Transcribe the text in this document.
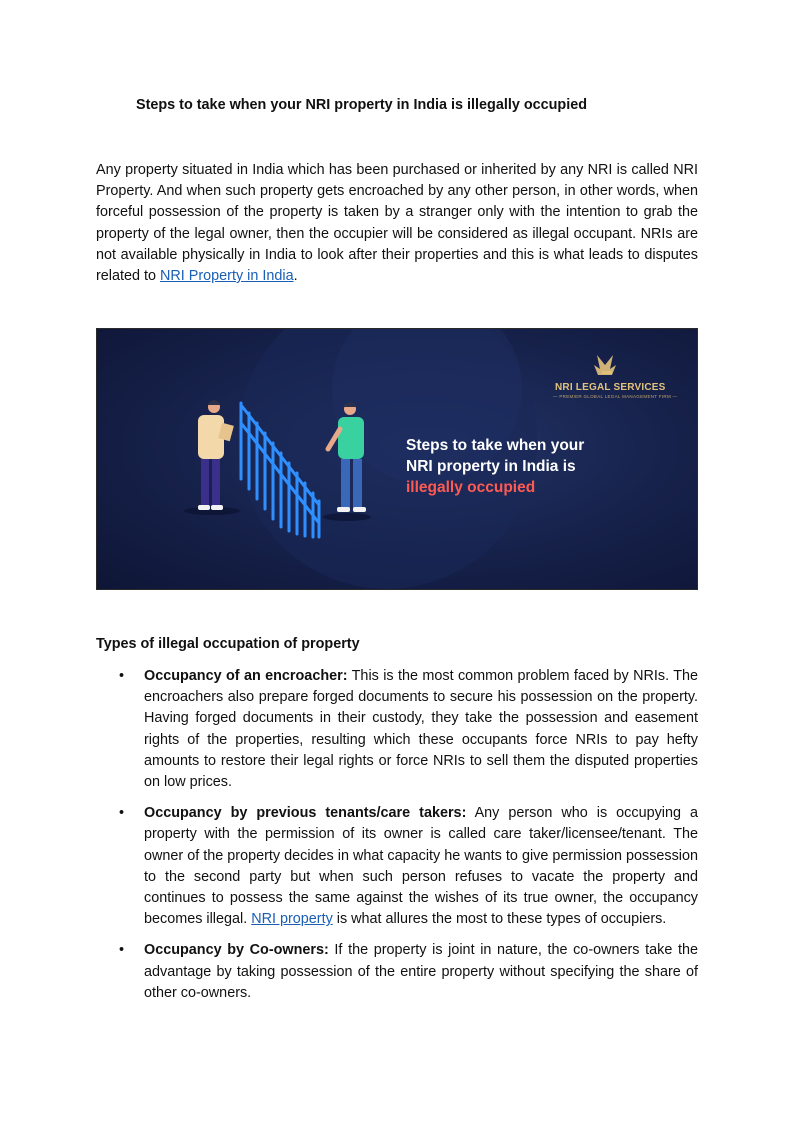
Steps to take when your NRI property in India is illegally occupied

Any property situated in India which has been purchased or inherited by any NRI is called NRI Property. And when such property gets encroached by any other person, in other words, when forceful possession of the property is taken by a stranger only with the intention to grab the property of the legal owner, then the occupier will be considered as illegal occupant. NRIs are not available physically in India to look after their properties and this is what leads to disputes related to NRI Property in India.

NRI LEGAL SERVICES
— PREMIER GLOBAL LEGAL MANAGEMENT FIRM —
Steps to take when your
NRI property in India is
illegally occupied
Types of illegal occupation of property
• Occupancy of an encroacher: This is the most common problem faced by NRIs. The encroachers also prepare forged documents to secure his possession on the property. Having forged documents in their custody, they take the possession and easement rights of the properties, resulting which these occupants force NRIs to pay hefty amounts to restore their legal rights or force NRIs to sell them the disputed properties on low prices.
• Occupancy by previous tenants/care takers: Any person who is occupying a property with the permission of its owner is called care taker/licensee/tenant. The owner of the property decides in what capacity he wants to give permission possession to the second party but when such person refuses to vacate the property and continues to possess the same against the wishes of its true owner, the occupancy becomes illegal. NRI property is what allures the most to these types of occupiers.
• Occupancy by Co-owners: If the property is joint in nature, the co-owners take the advantage by taking possession of the entire property without specifying the share of other co-owners.
